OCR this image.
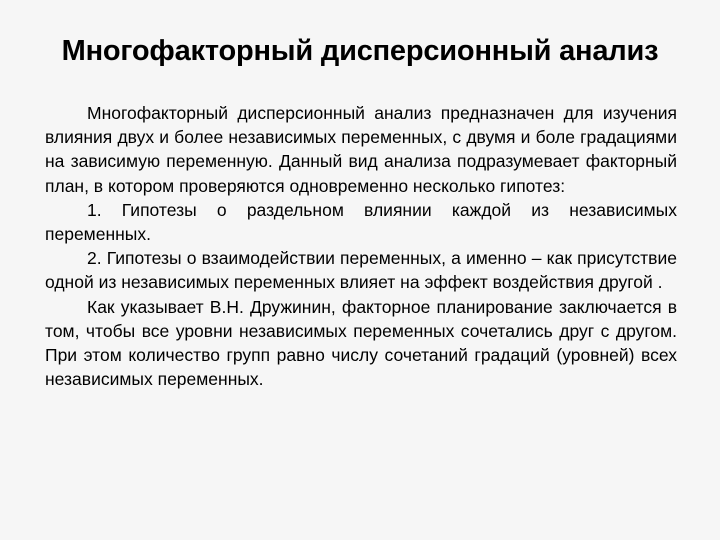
Многофакторный дисперсионный анализ

Многофакторный дисперсионный анализ предназначен для изучения влияния двух и более независимых переменных, с двумя и боле градациями на зависимую переменную. Данный вид анализа подразумевает факторный план, в котором проверяются одновременно несколько гипотез:

1. Гипотезы о раздельном влиянии каждой из независимых переменных.

2. Гипотезы о взаимодействии переменных, а именно – как присутствие одной из независимых переменных влияет на эффект воздействия другой .

Как указывает В.Н. Дружинин, факторное планирование заключается в том, чтобы все уровни независимых переменных сочетались друг с другом. При этом количество групп равно числу сочетаний градаций (уровней) всех независимых переменных.
